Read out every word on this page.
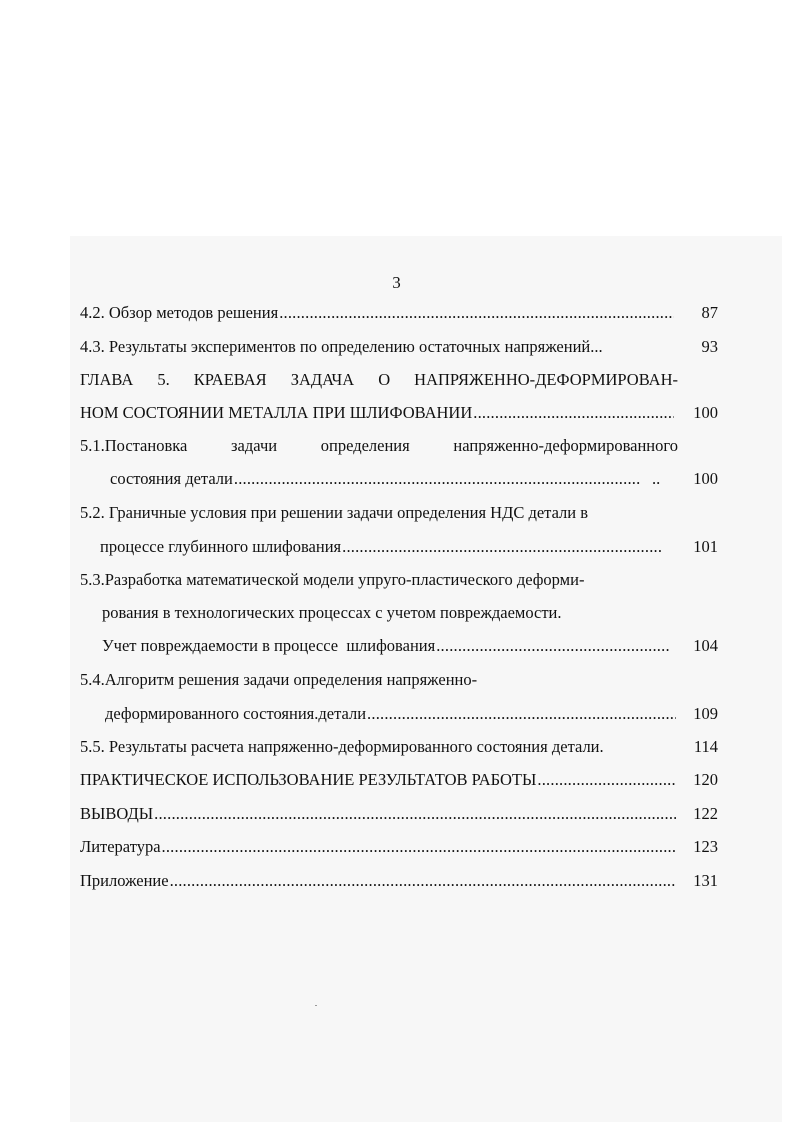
3
4.2. Обзор методов решения .....	87
4.3. Результаты экспериментов по определению остаточных напряжений...	93
ГЛАВА 5. КРАЕВАЯ ЗАДАЧА О НАПРЯЖЕННО-ДЕФОРМИРОВАН-
НОМ СОСТОЯНИИ МЕТАЛЛА ПРИ ШЛИФОВАНИИ .....	100
5.1.Постановка задачи определения напряженно-деформированного
состояния детали .....	..	100
5.2. Граничные условия при решении задачи определения НДС детали в
процессе глубинного шлифования .....	101
5.3.Разработка математической модели упруго-пластического деформи-
рования в технологических процессах с учетом повреждаемости.
Учет повреждаемости в процессе  шлифования .....	104
5.4.Алгоритм решения задачи определения напряженно-
деформированного состояния.детали .....	109
5.5. Результаты расчета напряженно-деформированного состояния детали.	114
ПРАКТИЧЕСКОЕ ИСПОЛЬЗОВАНИЕ РЕЗУЛЬТАТОВ РАБОТЫ .....	120
ВЫВОДЫ .....	122
Литература .....	123
Приложение .....	131
